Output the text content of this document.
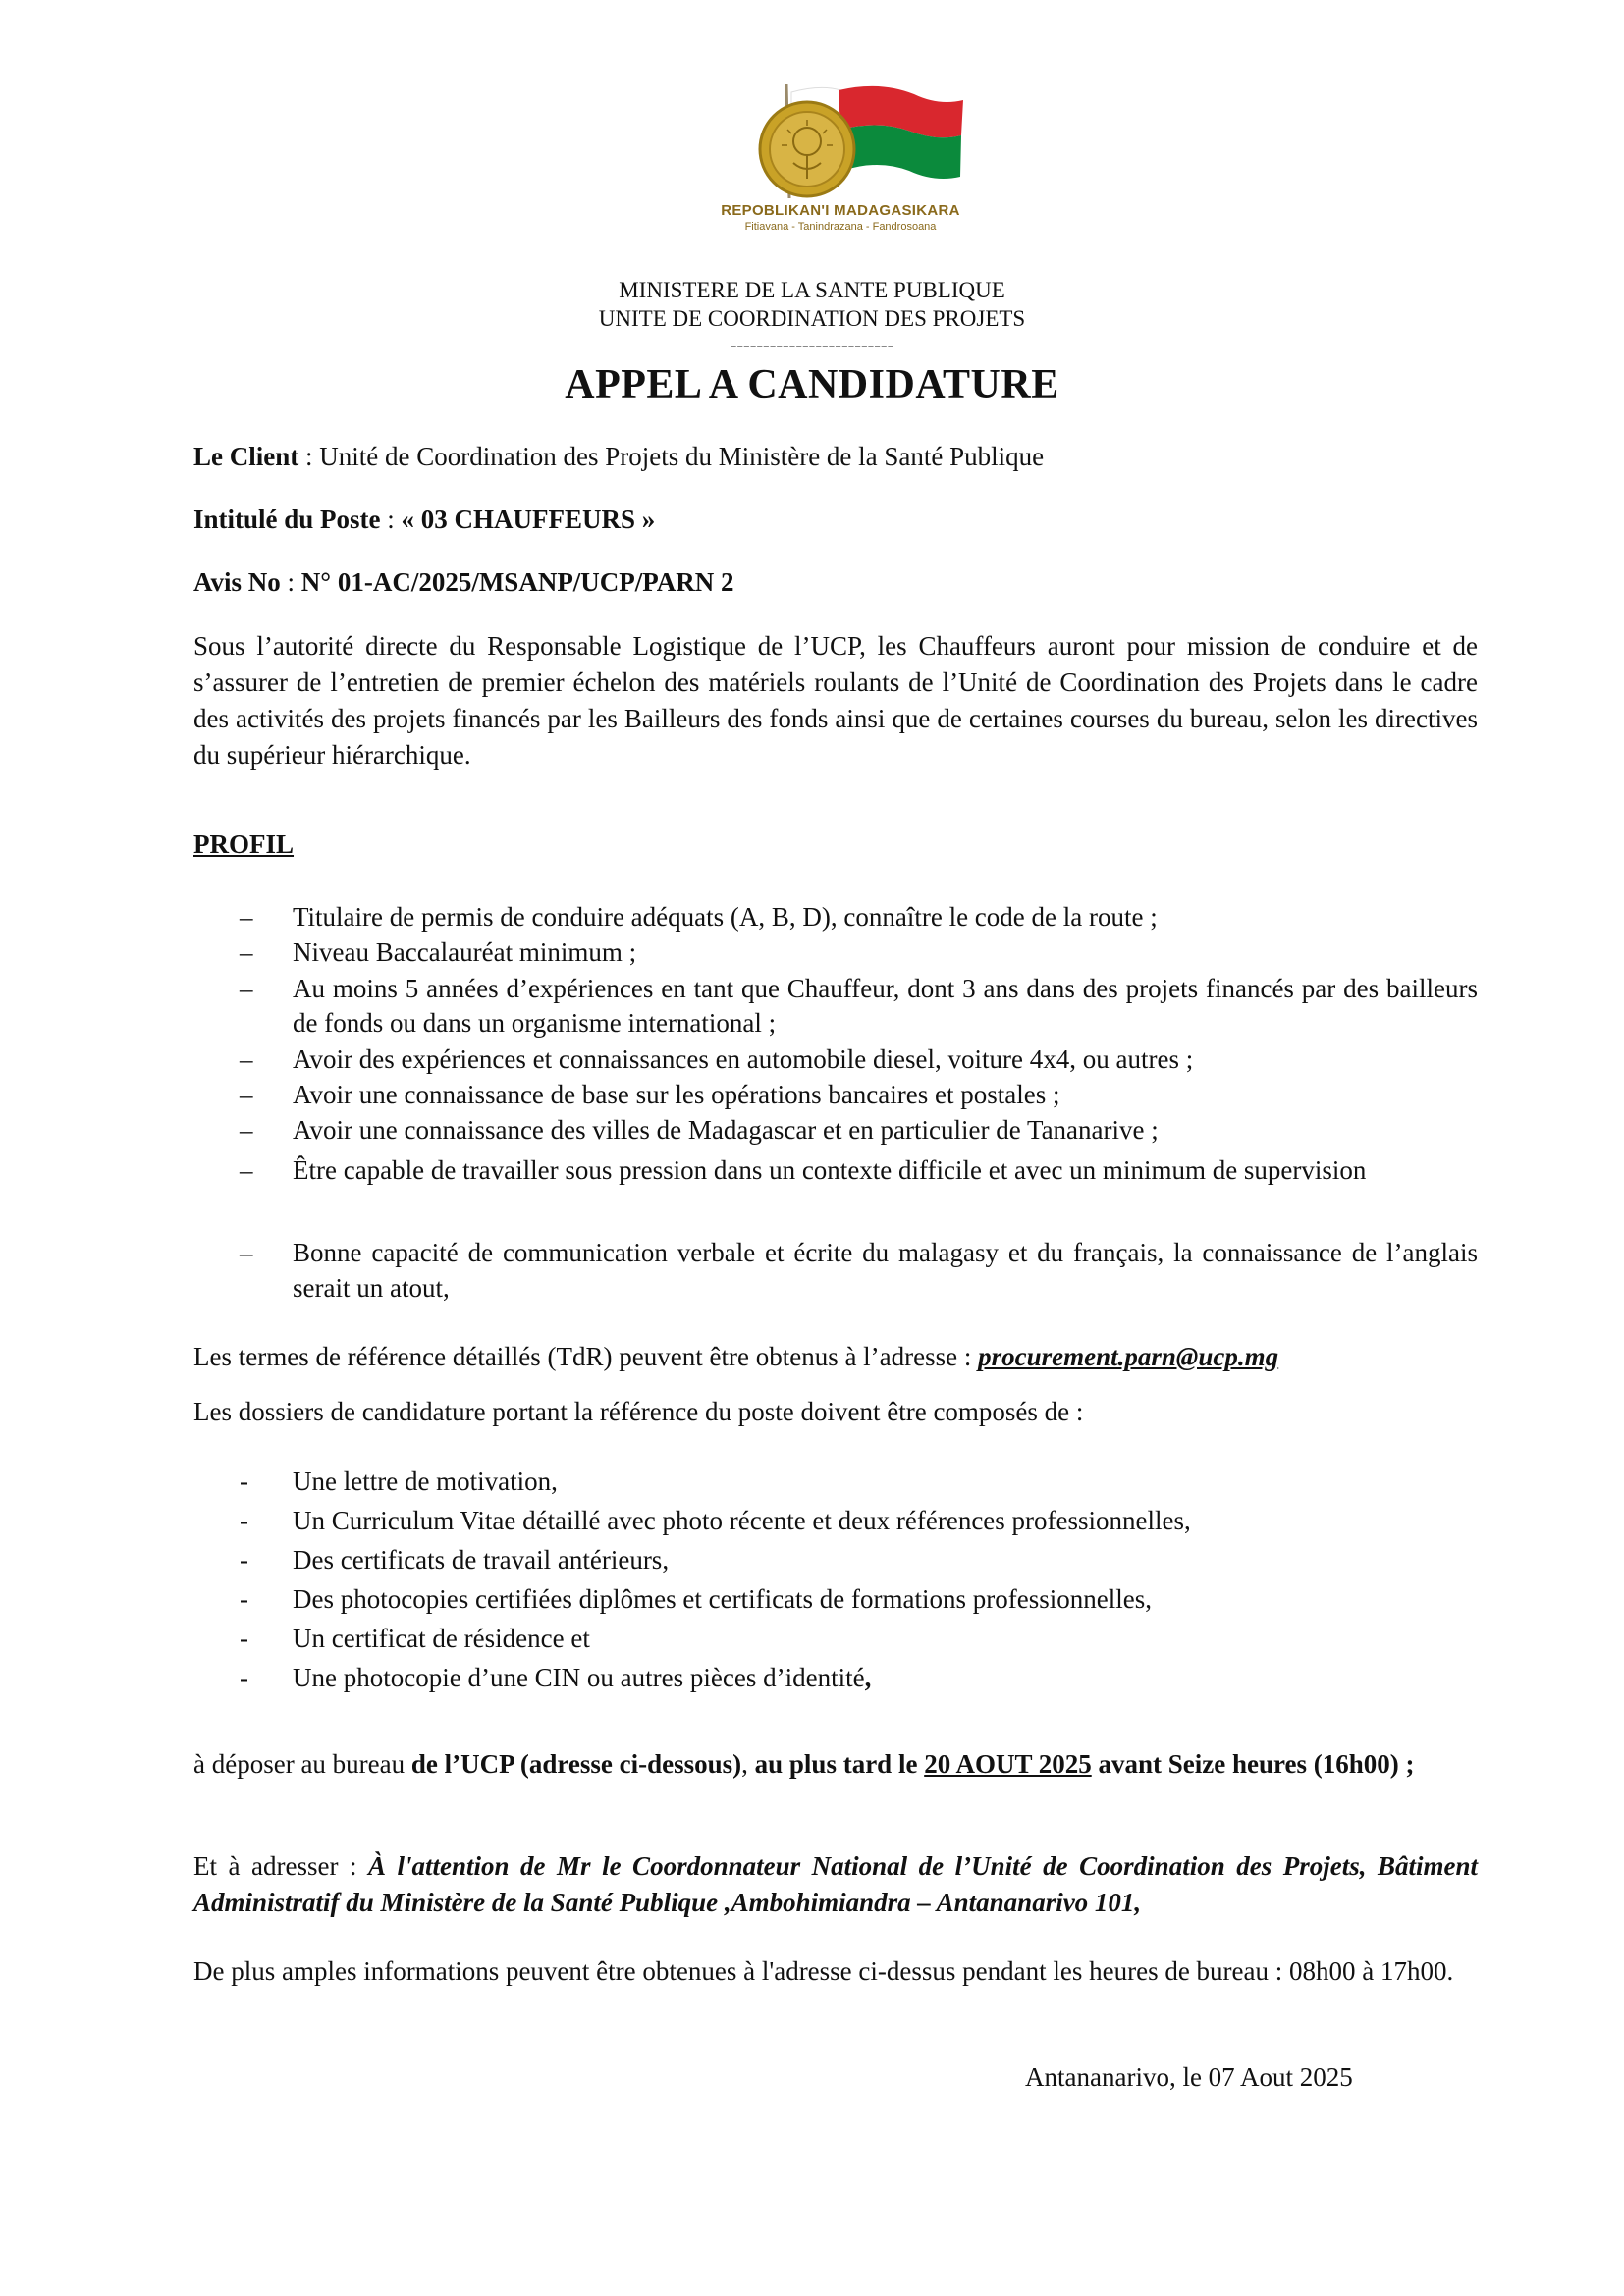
REPOBLIKAN'I MADAGASIKARA
Fitiavana - Tanindrazana - Fandrosoana
MINISTERE DE LA SANTE PUBLIQUE
UNITE DE COORDINATION DES PROJETS
-------------------------
APPEL A CANDIDATURE
Le Client : Unité de Coordination des Projets du Ministère de la Santé Publique
Intitulé du Poste : « 03 CHAUFFEURS »
Avis No : N° 01-AC/2025/MSANP/UCP/PARN 2
Sous l’autorité directe du Responsable Logistique de l’UCP, les Chauffeurs auront pour mission de conduire et de s’assurer de l’entretien de premier échelon des matériels roulants de l’Unité de Coordination des Projets dans le cadre des activités des projets financés par les Bailleurs des fonds ainsi que de certaines courses du bureau, selon les directives du supérieur hiérarchique.
PROFIL
– Titulaire de permis de conduire adéquats (A, B, D), connaître le code de la route ;
– Niveau Baccalauréat minimum ;
– Au moins 5 années d’expériences en tant que Chauffeur, dont 3 ans dans des projets financés par des bailleurs de fonds ou dans un organisme international ;
– Avoir des expériences et connaissances en automobile diesel, voiture 4x4, ou autres ;
– Avoir une connaissance de base sur les opérations bancaires et postales ;
– Avoir une connaissance des villes de Madagascar et en particulier de Tananarive ;
– Être capable de travailler sous pression dans un contexte difficile et avec un minimum de supervision
– Bonne capacité de communication verbale et écrite du malagasy et du français, la connaissance de l’anglais serait un atout,
Les termes de référence détaillés (TdR) peuvent être obtenus à l’adresse : procurement.parn@ucp.mg
Les dossiers de candidature portant la référence du poste doivent être composés de :
- Une lettre de motivation,
- Un Curriculum Vitae détaillé avec photo récente et deux références professionnelles,
- Des certificats de travail antérieurs,
- Des photocopies certifiées diplômes et certificats de formations professionnelles,
- Un certificat de résidence et
- Une photocopie d’une CIN ou autres pièces d’identité,
à déposer au bureau de l’UCP (adresse ci-dessous), au plus tard le 20 AOUT 2025 avant Seize heures (16h00) ;
Et à adresser : À l'attention de Mr le Coordonnateur National de l’Unité de Coordination des Projets, Bâtiment Administratif du Ministère de la Santé Publique ,Ambohimiandra – Antananarivo 101,
De plus amples informations peuvent être obtenues à l'adresse ci-dessus pendant les heures de bureau : 08h00 à 17h00.
Antananarivo, le 07 Aout 2025
